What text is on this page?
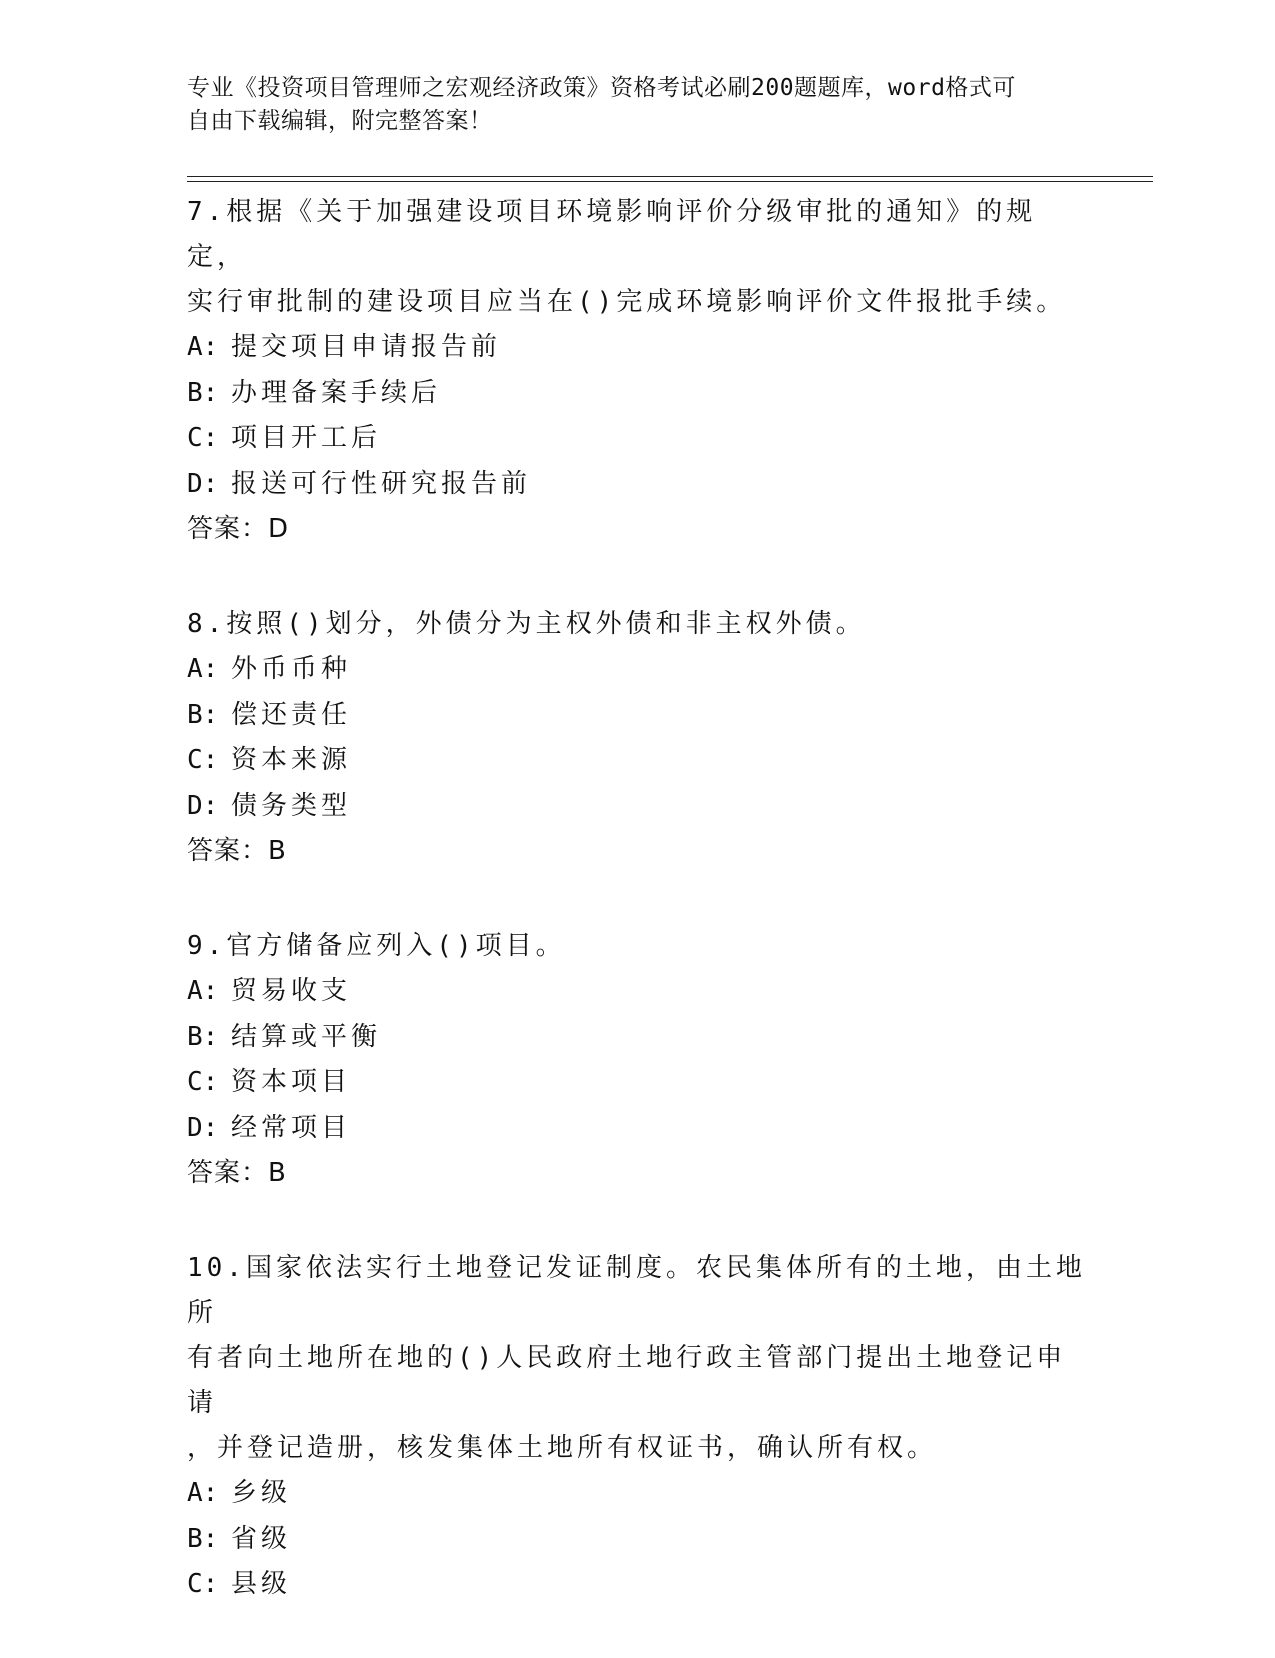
专业《投资项目管理师之宏观经济政策》资格考试必刷200题题库，word格式可
自由下载编辑，附完整答案！
7.根据《关于加强建设项目环境影响评价分级审批的通知》的规定，
实行审批制的建设项目应当在()完成环境影响评价文件报批手续。
A: 提交项目申请报告前
B: 办理备案手续后
C: 项目开工后
D: 报送可行性研究报告前
答案：D
8.按照()划分，外债分为主权外债和非主权外债。
A: 外币币种
B: 偿还责任
C: 资本来源
D: 债务类型
答案：B
9.官方储备应列入()项目。
A: 贸易收支
B: 结算或平衡
C: 资本项目
D: 经常项目
答案：B
10.国家依法实行土地登记发证制度。农民集体所有的土地，由土地所
有者向土地所在地的()人民政府土地行政主管部门提出土地登记申请
，并登记造册，核发集体土地所有权证书，确认所有权。
A: 乡级
B: 省级
C: 县级
